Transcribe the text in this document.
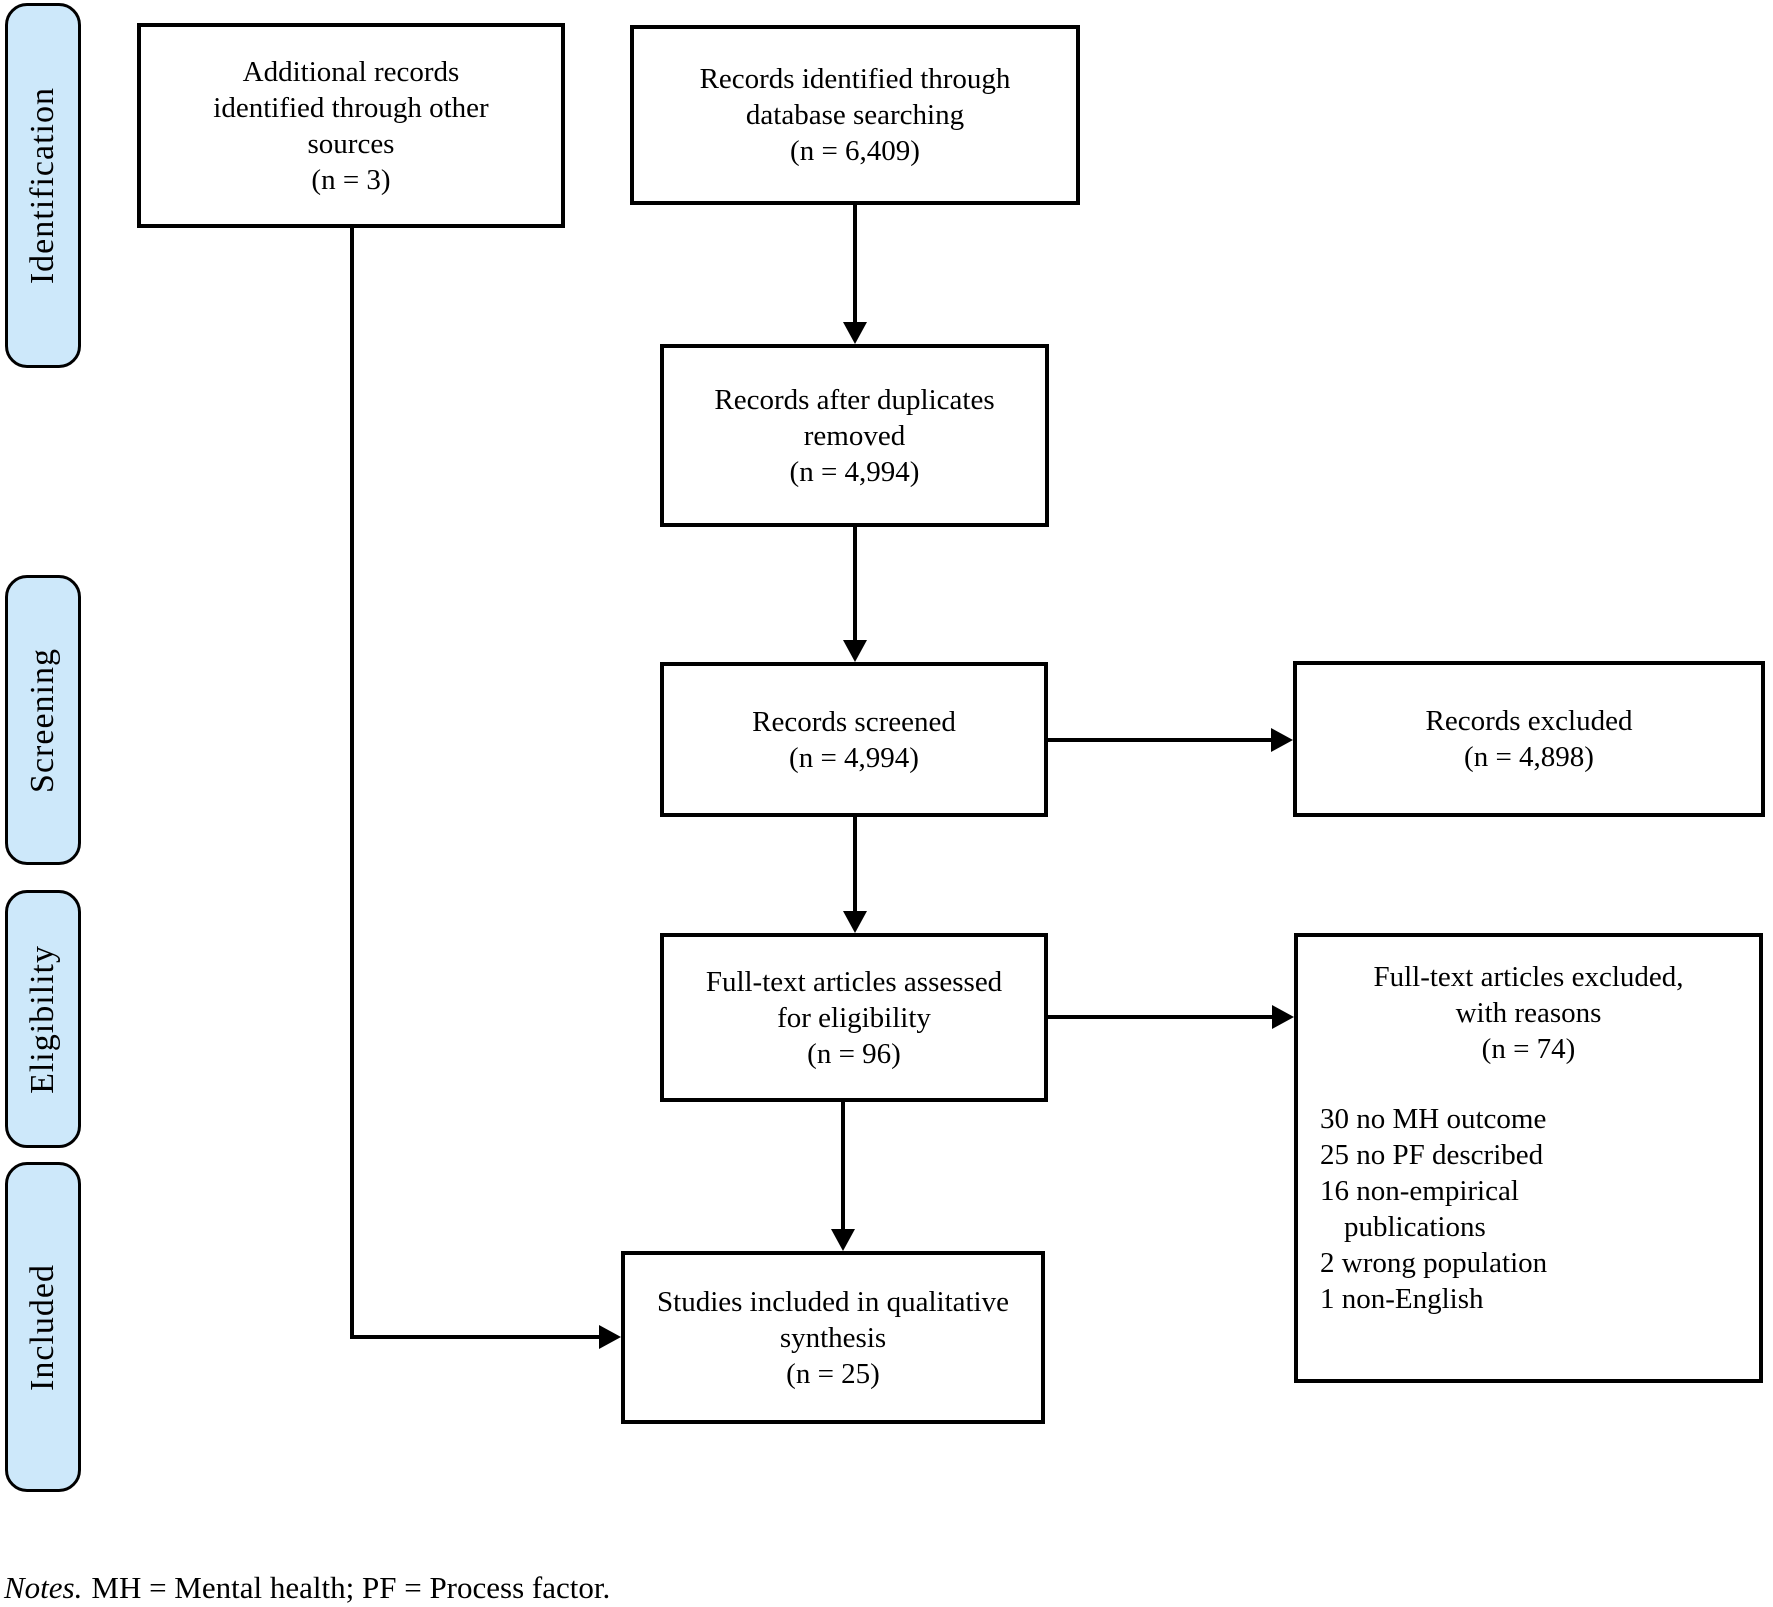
Identification
Screening
Eligibility
Included
Additional records
identified through other
sources
(n = 3)
Records identified through
database searching
(n = 6,409)
Records after duplicates
removed
(n = 4,994)
Records screened
(n = 4,994)
Records excluded
(n = 4,898)
Full-text articles assessed
for eligibility
(n = 96)
Full-text articles excluded,
with reasons
(n = 74)
30 no MH outcome
25 no PF described
16 non-empirical
publications
2 wrong population
1 non-English
Studies included in qualitative
synthesis
(n = 25)

Notes. MH = Mental health; PF = Process factor.
